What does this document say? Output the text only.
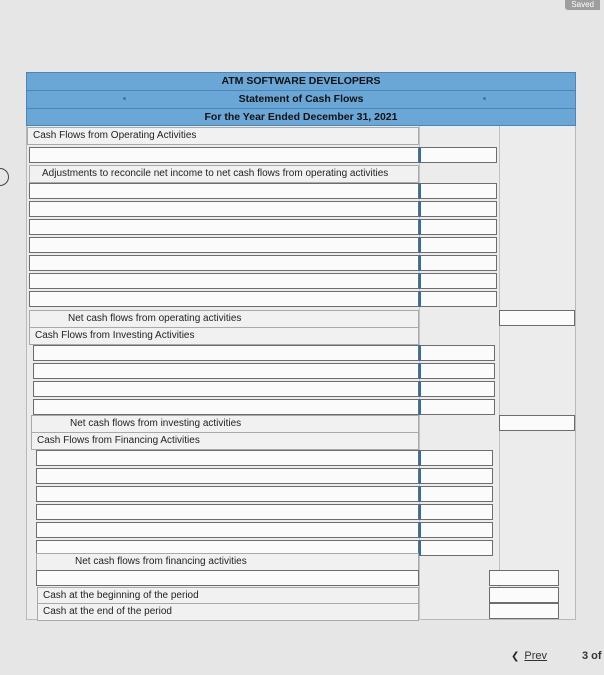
Saved
ATM SOFTWARE DEVELOPERS
Statement of Cash Flows
For the Year Ended December 31, 2021
Cash Flows from Operating Activities
Adjustments to reconcile net income to net cash flows from operating activities
Net cash flows from operating activities
Cash Flows from Investing Activities
Net cash flows from investing activities
Cash Flows from Financing Activities
Net cash flows from financing activities
Cash at the beginning of the period
Cash at the end of the period
❮ Prev	3 of
